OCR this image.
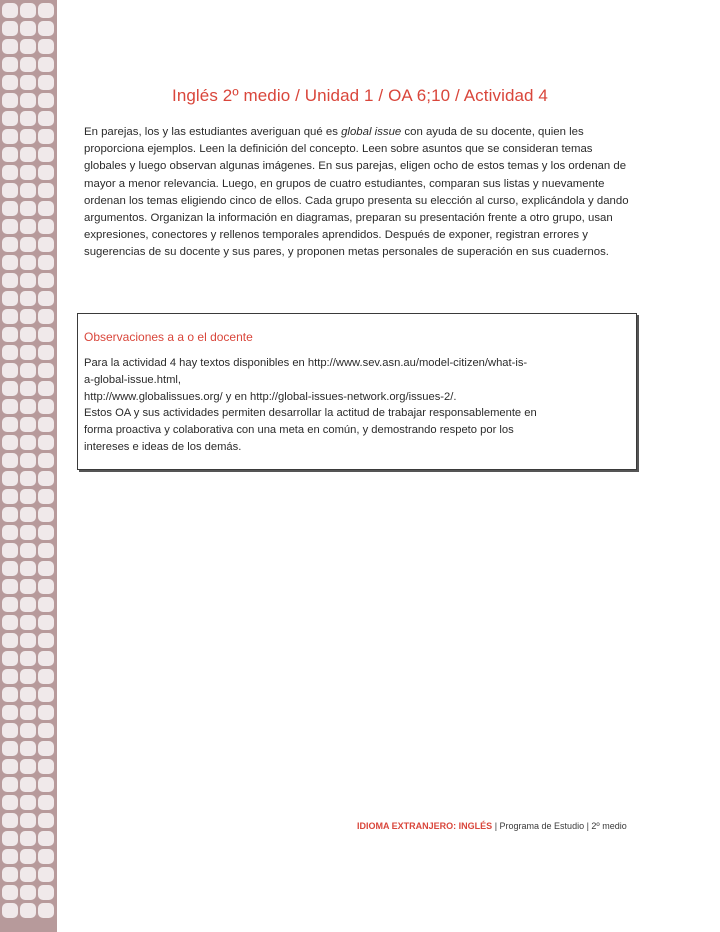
Inglés 2º medio / Unidad 1 / OA 6;10 / Actividad 4

En parejas, los y las estudiantes averiguan qué es global issue con ayuda de su docente, quien les proporciona ejemplos. Leen la definición del concepto. Leen sobre asuntos que se consideran temas globales y luego observan algunas imágenes. En sus parejas, eligen ocho de estos temas y los ordenan de mayor a menor relevancia. Luego, en grupos de cuatro estudiantes, comparan sus listas y nuevamente ordenan los temas eligiendo cinco de ellos. Cada grupo presenta su elección al curso, explicándola y dando argumentos. Organizan la información en diagramas, preparan su presentación frente a otro grupo, usan expresiones, conectores y rellenos temporales aprendidos. Después de exponer, registran errores y sugerencias de su docente y sus pares, y proponen metas personales de superación en sus cuadernos.

Observaciones a a o el docente
Para la actividad 4 hay textos disponibles en http://www.sev.asn.au/model-citizen/what-is-
a-global-issue.html,
http://www.globalissues.org/ y en http://global-issues-network.org/issues-2/.
Estos OA y sus actividades permiten desarrollar la actitud de trabajar responsablemente en
forma proactiva y colaborativa con una meta en común, y demostrando respeto por los
intereses e ideas de los demás.
IDIOMA EXTRANJERO: INGLÉS | Programa de Estudio | 2º medio
